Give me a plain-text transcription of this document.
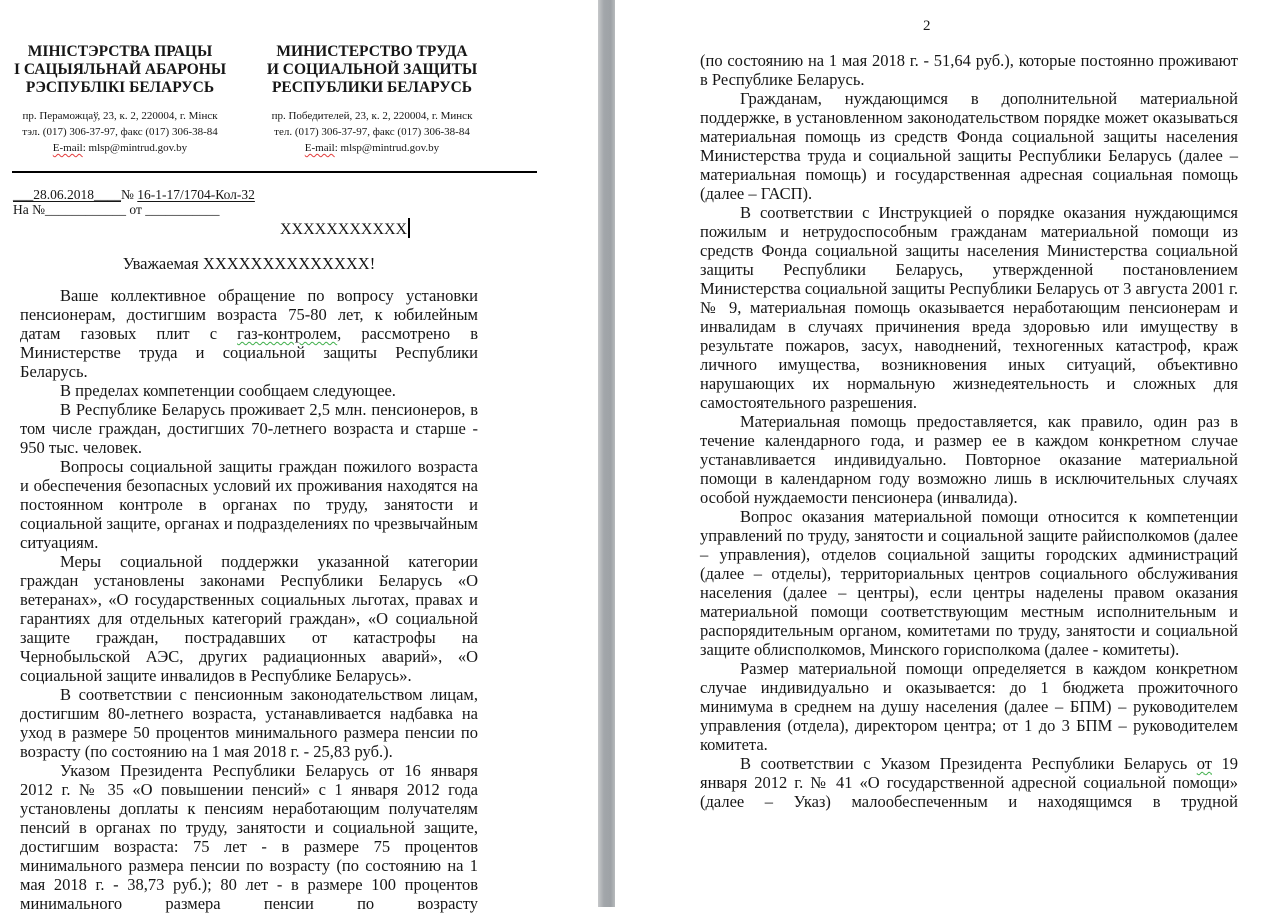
МІНІСТЭРСТВА ПРАЦЫ

І САЦЫЯЛЬНАЙ АБАРОНЫ

РЭСПУБЛІКІ БЕЛАРУСЬ

пр. Пераможцаў, 23, к. 2, 220004, г. Мінск

тэл. (017) 306-37-97, факс (017) 306-38-84

E-mail: mlsp@mintrud.gov.by

МИНИСТЕРСТВО ТРУДА

И СОЦИАЛЬНОЙ ЗАЩИТЫ

РЕСПУБЛИКИ БЕЛАРУСЬ

пр. Победителей, 23, к. 2, 220004, г. Минск

тел. (017) 306-37-97, факс (017) 306-38-84

E-mail: mlsp@mintrud.gov.by

___28.06.2018____№ 16-1-17/1704-Кол-32

На №____________ от ___________

ХХХХХХХХХХХ
Уважаемая ХХХХХХХХХХХХХХ!

Ваше коллективное обращение по вопросу установки пенсионерам, достигшим возраста 75-80 лет, к юбилейным датам газовых плит с газ-контролем, рассмотрено в Министерстве труда и социальной защиты Республики Беларусь.

В пределах компетенции сообщаем следующее.

В Республике Беларусь проживает 2,5 млн. пенсионеров, в том числе граждан, достигших 70-летнего возраста и старше - 950 тыс. человек.

Вопросы социальной защиты граждан пожилого возраста и обеспечения безопасных условий их проживания находятся на постоянном контроле в органах по труду, занятости и социальной защите, органах и подразделениях по чрезвычайным ситуациям.

Меры социальной поддержки указанной категории граждан установлены законами Республики Беларусь «О ветеранах», «О государственных социальных льготах, правах и гарантиях для отдельных категорий граждан», «О социальной защите граждан, пострадавших от катастрофы на Чернобыльской АЭС, других радиационных аварий», «О социальной защите инвалидов в Республике Беларусь».

В соответствии с пенсионным законодательством лицам, достигшим 80-летнего возраста, устанавливается надбавка на уход в размере 50 процентов минимального размера пенсии по возрасту (по состоянию на 1 мая 2018 г. - 25,83 руб.).

Указом Президента Республики Беларусь от 16 января 2012 г. № 35 «О повышении пенсий» с 1 января 2012 года установлены доплаты к пенсиям неработающим получателям пенсий в органах по труду, занятости и социальной защите, достигшим возраста: 75 лет - в размере 75 процентов минимального размера пенсии по возрасту (по состоянию на 1 мая 2018 г. - 38,73 руб.); 80 лет - в размере 100 процентов минимального размера пенсии по возрасту

2

(по состоянию на 1 мая 2018 г. - 51,64 руб.), которые постоянно проживают в Республике Беларусь.

Гражданам, нуждающимся в дополнительной материальной поддержке, в установленном законодательством порядке может оказываться материальная помощь из средств Фонда социальной защиты населения Министерства труда и социальной защиты Республики Беларусь (далее – материальная помощь) и государственная адресная социальная помощь (далее – ГАСП).

В соответствии с Инструкцией о порядке оказания нуждающимся пожилым и нетрудоспособным гражданам материальной помощи из средств Фонда социальной защиты населения Министерства социальной защиты Республики Беларусь, утвержденной постановлением Министерства социальной защиты Республики Беларусь от 3 августа 2001 г. № 9, материальная помощь оказывается неработающим пенсионерам и инвалидам в случаях причинения вреда здоровью или имуществу в результате пожаров, засух, наводнений, техногенных катастроф, краж личного имущества, возникновения иных ситуаций, объективно нарушающих их нормальную жизнедеятельность и сложных для самостоятельного разрешения.

Материальная помощь предоставляется, как правило, один раз в течение календарного года, и размер ее в каждом конкретном случае устанавливается индивидуально. Повторное оказание материальной помощи в календарном году возможно лишь в исключительных случаях особой нуждаемости пенсионера (инвалида).

Вопрос оказания материальной помощи относится к компетенции управлений по труду, занятости и социальной защите райисполкомов (далее – управления), отделов социальной защиты городских администраций (далее – отделы), территориальных центров социального обслуживания населения (далее – центры), если центры наделены правом оказания материальной помощи соответствующим местным исполнительным и распорядительным органом, комитетами по труду, занятости и социальной защите облисполкомов, Минского горисполкома (далее - комитеты).

Размер материальной помощи определяется в каждом конкретном случае индивидуально и оказывается: до 1 бюджета прожиточного минимума в среднем на душу населения (далее – БПМ) – руководителем управления (отдела), директором центра; от 1 до 3 БПМ – руководителем комитета.

В соответствии с Указом Президента Республики Беларусь от 19 января 2012 г. № 41 «О государственной адресной социальной помощи» (далее – Указ) малообеспеченным и находящимся в трудной
